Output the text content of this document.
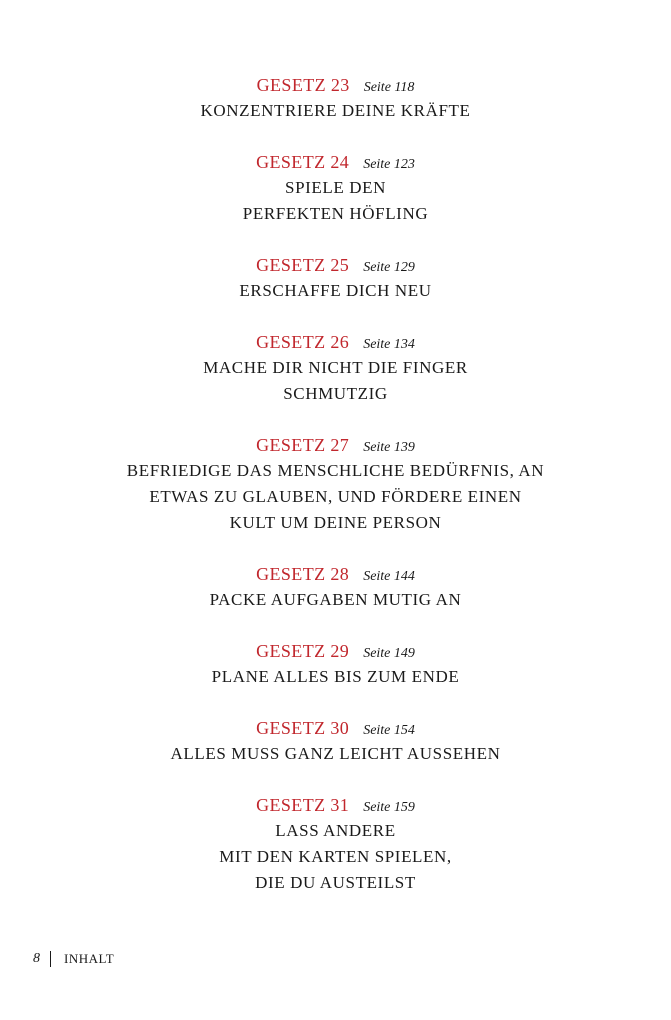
GESETZ 23 Seite 118
KONZENTRIERE DEINE KRÄFTE
GESETZ 24 Seite 123
SPIELE DEN
PERFEKTEN HÖFLING
GESETZ 25 Seite 129
ERSCHAFFE DICH NEU
GESETZ 26 Seite 134
MACHE DIR NICHT DIE FINGER
SCHMUTZIG
GESETZ 27 Seite 139
BEFRIEDIGE DAS MENSCHLICHE BEDÜRFNIS, AN
ETWAS ZU GLAUBEN, UND FÖRDERE EINEN
KULT UM DEINE PERSON
GESETZ 28 Seite 144
PACKE AUFGABEN MUTIG AN
GESETZ 29 Seite 149
PLANE ALLES BIS ZUM ENDE
GESETZ 30 Seite 154
ALLES MUSS GANZ LEICHT AUSSEHEN
GESETZ 31 Seite 159
LASS ANDERE
MIT DEN KARTEN SPIELEN,
DIE DU AUSTEILST
8 INHALT
